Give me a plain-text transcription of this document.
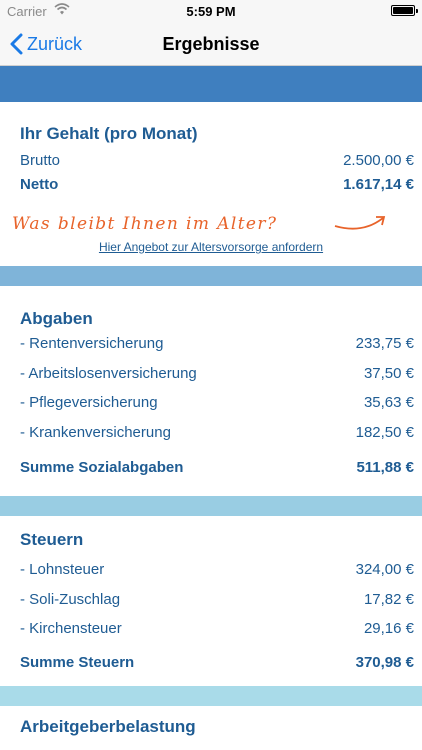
Carrier	5:59 PM
Zurück	Ergebnisse
Ihr Gehalt (pro Monat)
Brutto	2.500,00 €
Netto	1.617,14 €
Was bleibt Ihnen im Alter?
Hier Angebot zur Altersvorsorge anfordern
Abgaben
- Rentenversicherung	233,75 €
- Arbeitslosenversicherung	37,50 €
- Pflegeversicherung	35,63 €
- Krankenversicherung	182,50 €
Summe Sozialabgaben	511,88 €
Steuern
- Lohnsteuer	324,00 €
- Soli-Zuschlag	17,82 €
- Kirchensteuer	29,16 €
Summe Steuern	370,98 €
Arbeitgeberbelastung
